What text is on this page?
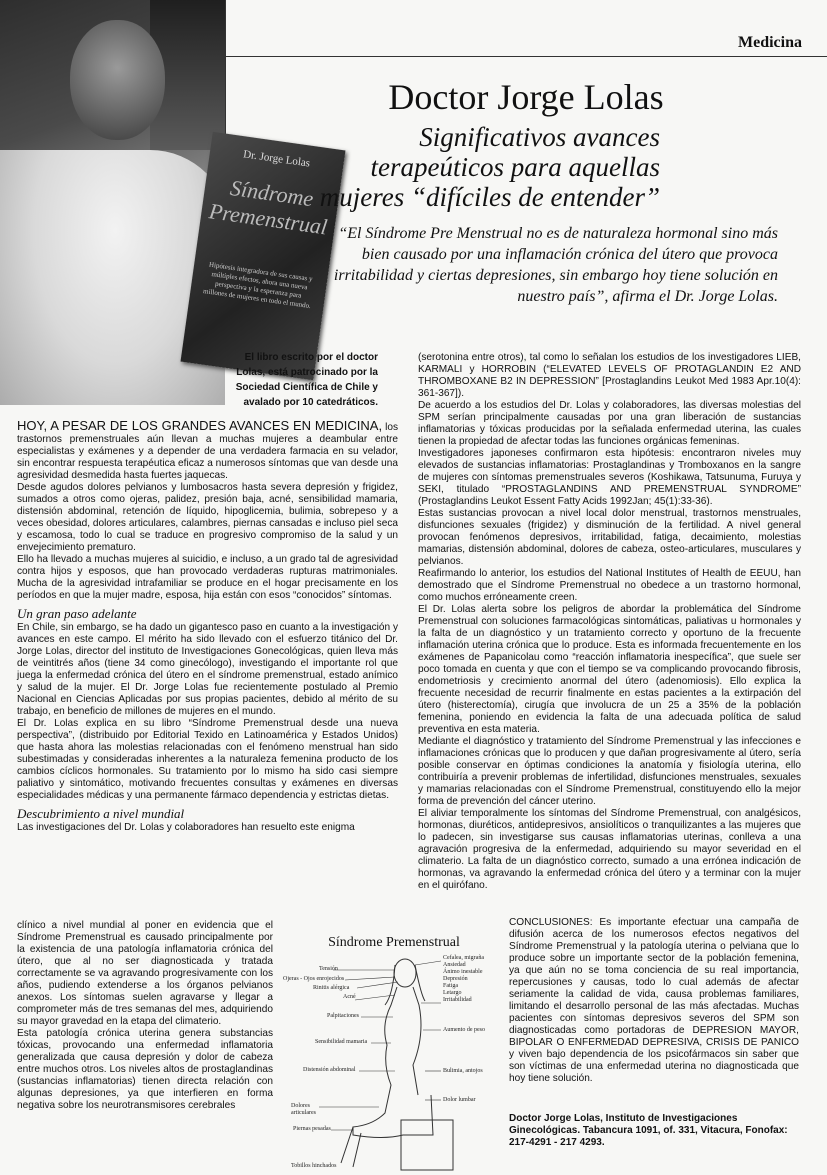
Dr. Jorge Lolas
Síndrome Premenstrual
Hipótesis integradora de sus causas y múltiples efectos, ahora una nueva perspectiva y la esperanza para millones de mujeres en todo el mundo.
Medicina
Doctor Jorge Lolas
Significativos avances terapeúticos para aquellas mujeres “difíciles de entender”
“El Síndrome Pre Menstrual no es de naturaleza hormonal sino más bien causado por una inflamación crónica del útero que provoca irritabilidad y ciertas depresiones, sin embargo hoy tiene solución en nuestro país”, afirma el Dr. Jorge Lolas.
El libro escrito por el doctor Lolas, está patrocinado por la Sociedad Científica de Chile y avalado por 10 catedráticos.

HOY, A PESAR DE LOS GRANDES AVANCES EN MEDICINA, los trastornos premenstruales aún llevan a muchas mujeres a deambular entre especialistas y exámenes y a depender de una verdadera farmacia en su velador, sin encontrar respuesta terapéutica eficaz a numerosos síntomas que van desde una agresividad desmedida hasta fuertes jaquecas.

Desde agudos dolores pelvianos y lumbosacros hasta severa depresión y frigidez, sumados a otros como ojeras, palidez, presión baja, acné, sensibilidad mamaria, distensión abdominal, retención de líquido, hipoglicemia, bulimia, sobrepeso y a veces obesidad, dolores articulares, calambres, piernas cansadas e incluso piel seca y escamosa, todo lo cual se traduce en progresivo compromiso de la salud y un envejecimiento prematuro.

Ello ha llevado a muchas mujeres al suicidio, e incluso, a un grado tal de agresividad contra hijos y esposos, que han provocado verdaderas rupturas matrimoniales. Mucha de la agresividad intrafamiliar se produce en el hogar precisamente en los períodos en que la mujer madre, esposa, hija están con esos “conocidos” síntomas.

Un gran paso adelante

En Chile, sin embargo, se ha dado un gigantesco paso en cuanto a la investigación y avances en este campo. El mérito ha sido llevado con el esfuerzo titánico del Dr. Jorge Lolas, director del instituto de Investigaciones Gonecológicas, quien lleva más de veintitrés años (tiene 34 como ginecólogo), investigando el importante rol que juega la enfermedad crónica del útero en el síndrome premenstrual, estado anímico y salud de la mujer. El Dr. Jorge Lolas fue recientemente postulado al Premio Nacional en Ciencias Aplicadas por sus propias pacientes, debido al mérito de su trabajo, en beneficio de millones de mujeres en el mundo.

El Dr. Lolas explica en su libro “Síndrome Premenstrual desde una nueva perspectiva”, (distribuido por Editorial Texido en Latinoamérica y Estados Unidos) que hasta ahora las molestias relacionadas con el fenómeno menstrual han sido subestimadas y consideradas inherentes a la naturaleza femenina producto de los cambios cíclicos hormonales. Su tratamiento por lo mismo ha sido casi siempre paliativo y sintomático, motivando frecuentes consultas y exámenes en diversas especialidades médicas y una permanente fármaco dependencia y estrictas dietas.

Descubrimiento a nivel mundial

Las investigaciones del Dr. Lolas y colaboradores han resuelto este enigma

clínico a nivel mundial al poner en evidencia que el Síndrome Premenstrual es causado principalmente por la existencia de una patología inflamatoria crónica del útero, que al no ser diagnosticada y tratada correctamente se va agravando progresivamente con los años, pudiendo extenderse a los órganos pelvianos anexos. Los síntomas suelen agravarse y llegar a comprometer más de tres semanas del mes, adquiriendo su mayor gravedad en la etapa del climaterio.

Esta patología crónica uterina genera substancias tóxicas, provocando una enfermedad inflamatoria generalizada que causa depresión y dolor de cabeza entre muchos otros. Los niveles altos de prostaglandinas (sustancias inflamatorias) tienen directa relación con algunas depresiones, ya que interfieren en forma negativa sobre los neurotransmisores cerebrales

(serotonina entre otros), tal como lo señalan los estudios de los investigadores LIEB, KARMALI y HORROBIN (“ELEVATED LEVELS OF PROTAGLANDIN E2 AND THROMBOXANE B2 IN DEPRESSION” [Prostaglandins Leukot Med 1983 Apr.10(4): 361-367]).

De acuerdo a los estudios del Dr. Lolas y colaboradores, las diversas molestias del SPM serían principalmente causadas por una gran liberación de sustancias inflamatorias y tóxicas producidas por la señalada enfermedad uterina, las cuales tienen la propiedad de afectar todas las funciones orgánicas femeninas.

Investigadores japoneses confirmaron esta hipótesis: encontraron niveles muy elevados de sustancias inflamatorias: Prostaglandinas y Tromboxanos en la sangre de mujeres con síntomas premenstruales severos (Koshikawa, Tatsunuma, Furuya y SEKI, titulado “PROSTAGLANDINS AND PREMENSTRUAL SYNDROME” (Prostaglandins Leukot Essent Fatty Acids 1992Jan; 45(1):33-36).

Estas sustancias provocan a nivel local dolor menstrual, trastornos menstruales, disfunciones sexuales (frigidez) y disminución de la fertilidad. A nivel general provocan fenómenos depresivos, irritabilidad, fatiga, decaimiento, molestias mamarias, distensión abdominal, dolores de cabeza, osteo-articulares, musculares y pelvianos.

Reafirmando lo anterior, los estudios del National Institutes of Health de EEUU, han demostrado que el Síndrome Premenstrual no obedece a un trastorno hormonal, como muchos erróneamente creen.

El Dr. Lolas alerta sobre los peligros de abordar la problemática del Síndrome Premenstrual con soluciones farmacológicas sintomáticas, paliativas u hormonales y la falta de un diagnóstico y un tratamiento correcto y oportuno de la frecuente inflamación uterina crónica que lo produce. Esta es informada frecuentemente en los exámenes de Papanicolau como “reacción inflamatoria inespecífica”, que suele ser poco tomada en cuenta y que con el tiempo se va complicando provocando fibrosis, endometriosis y crecimiento anormal del útero (adenomiosis). Ello explica la frecuente necesidad de recurrir finalmente en estas pacientes a la extirpación del útero (histerectomía), cirugía que involucra de un 25 a 35% de la población femenina, poniendo en evidencia la falta de una adecuada política de salud preventiva en esta materia.

Mediante el diagnóstico y tratamiento del Síndrome Premenstrual y las infecciones e inflamaciones crónicas que lo producen y que dañan progresivamente al útero, sería posible conservar en óptimas condiciones la anatomía y fisiología uterina, ello contribuiría a prevenir problemas de infertilidad, disfunciones menstruales, sexuales y mamarias relacionadas con el Síndrome Premenstrual, constituyendo ello la mejor forma de prevención del cáncer uterino.

El aliviar temporalmente los síntomas del Síndrome Premenstrual, con analgésicos, hormonas, diuréticos, antidepresivos, ansiolíticos o tranquilizantes a las mujeres que lo padecen, sin investigarse sus causas inflamatorias uterinas, conlleva a una agravación progresiva de la enfermedad, adquiriendo su mayor severidad en el climaterio. La falta de un diagnóstico correcto, sumado a una errónea indicación de hormonas, va agravando la enfermedad crónica del útero y a terminar con la mujer en el quirófano.

CONCLUSIONES: Es importante efectuar una campaña de difusión acerca de los numerosos efectos negativos del Síndrome Premenstrual y la patología uterina o pelviana que lo produce sobre un importante sector de la población femenina, ya que aún no se toma conciencia de su real importancia, repercusiones y causas, todo lo cual además de afectar seriamente la calidad de vida, causa problemas familiares, limitando el desarrollo personal de las más afectadas. Muchas pacientes con síntomas depresivos severos del SPM son diagnosticadas como portadoras de DEPRESION MAYOR, BIPOLAR O ENFERMEDAD DEPRESIVA, CRISIS DE PANICO y viven bajo dependencia de los psicofármacos sin saber que son víctimas de una enfermedad uterina no diagnosticada que hoy tiene solución.

Síndrome Premenstrual
Tensión
Ojeras - Ojos enrojecidos
Rinitis alérgica
Acné
Palpitaciones
Sensibilidad mamaria
Distensión abdominal
Dolores articulares
Piernas pesadas
Tobillos hinchados
Cefalea, migraña
Ansiedad
Ánimo inestable
Depresión
Fatiga
Letargo
Irritabilidad
Aumento de peso
Bulimia, antojos
Dolor lumbar
Doctor Jorge Lolas, Instituto de Investigaciones Ginecológicas. Tabancura 1091, of. 331, Vitacura, Fonofax: 217-4291 - 217 4293.
